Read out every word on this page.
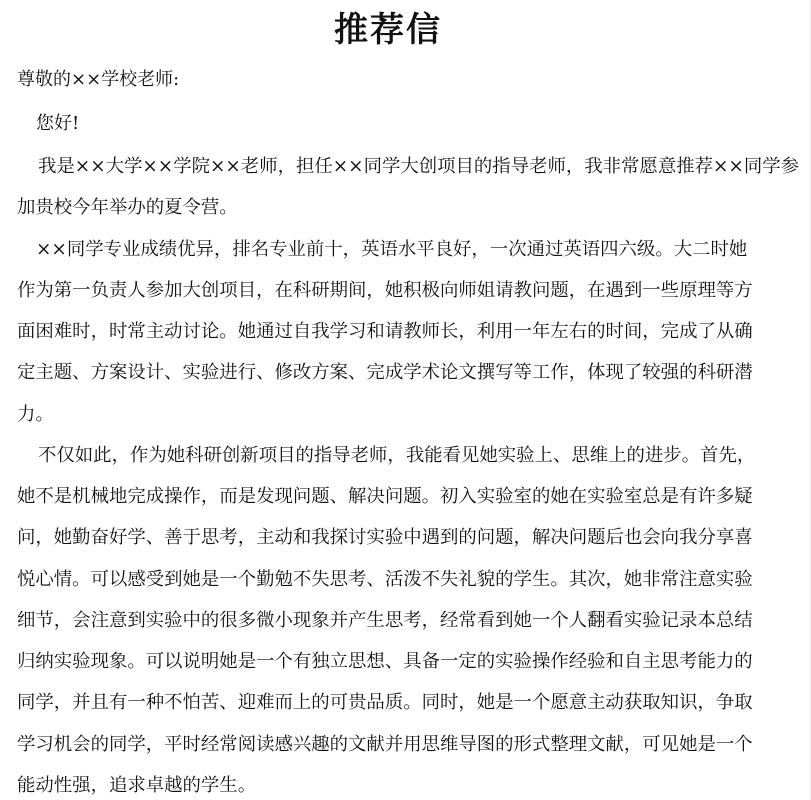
推荐信
尊敬的××学校老师:
您好!
我是××大学××学院××老师，担任××同学大创项目的指导老师，我非常愿意推荐××同学参
加贵校今年举办的夏令营。
××同学专业成绩优异，排名专业前十，英语水平良好，一次通过英语四六级。大二时她
作为第一负责人参加大创项目，在科研期间，她积极向师姐请教问题，在遇到一些原理等方
面困难时，时常主动讨论。她通过自我学习和请教师长，利用一年左右的时间，完成了从确
定主题、方案设计、实验进行、修改方案、完成学术论文撰写等工作，体现了较强的科研潜
力。
不仅如此，作为她科研创新项目的指导老师，我能看见她实验上、思维上的进步。首先，
她不是机械地完成操作，而是发现问题、解决问题。初入实验室的她在实验室总是有许多疑
问，她勤奋好学、善于思考，主动和我探讨实验中遇到的问题，解决问题后也会向我分享喜
悦心情。可以感受到她是一个勤勉不失思考、活泼不失礼貌的学生。其次，她非常注意实验
细节，会注意到实验中的很多微小现象并产生思考，经常看到她一个人翻看实验记录本总结
归纳实验现象。可以说明她是一个有独立思想、具备一定的实验操作经验和自主思考能力的
同学，并且有一种不怕苦、迎难而上的可贵品质。同时，她是一个愿意主动获取知识，争取
学习机会的同学，平时经常阅读感兴趣的文献并用思维导图的形式整理文献，可见她是一个
能动性强，追求卓越的学生。
